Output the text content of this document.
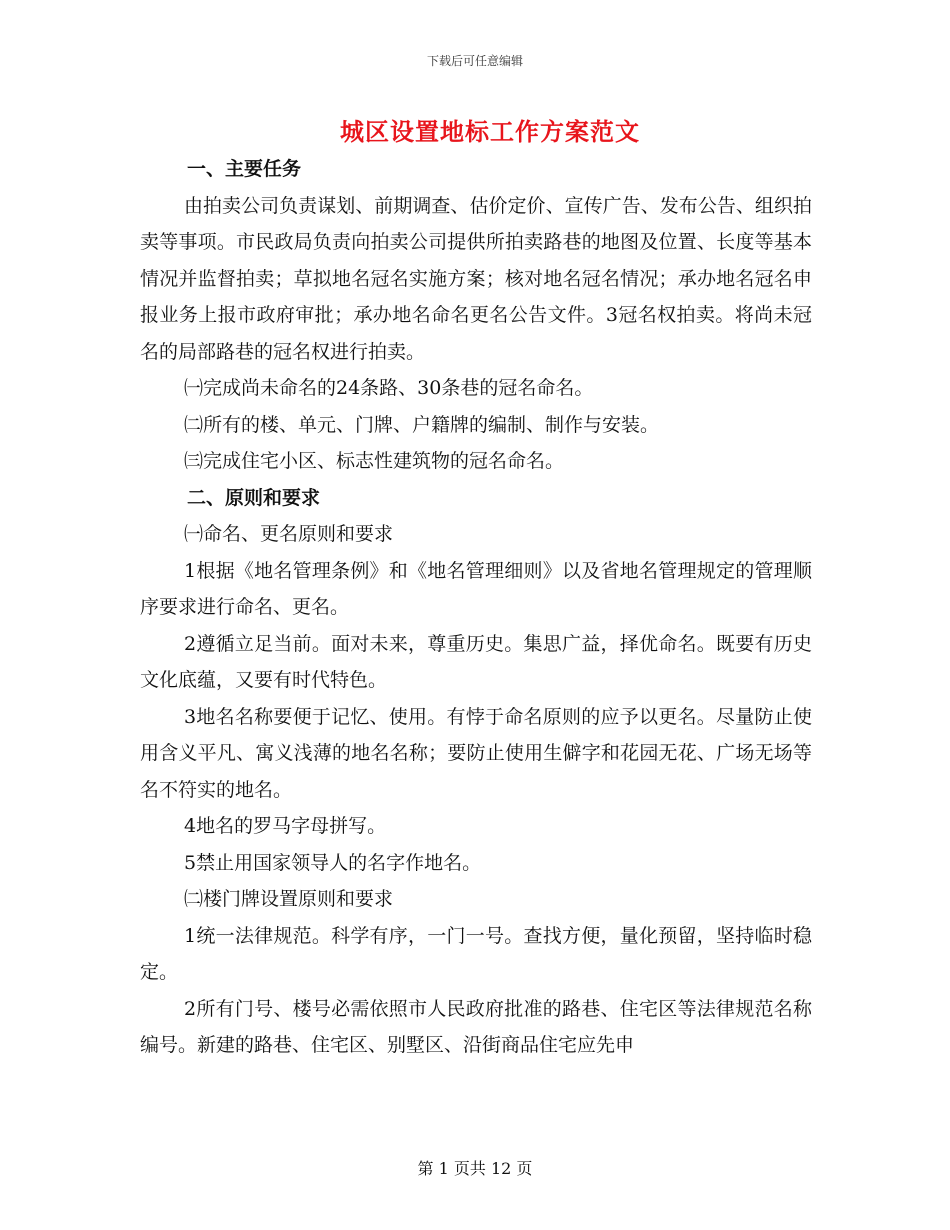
下载后可任意编辑
城区设置地标工作方案范文

一、主要任务

由拍卖公司负责谋划、前期调查、估价定价、宣传广告、发布公告、组织拍卖等事项。市民政局负责向拍卖公司提供所拍卖路巷的地图及位置、长度等基本情况并监督拍卖；草拟地名冠名实施方案；核对地名冠名情况；承办地名冠名申报业务上报市政府审批；承办地名命名更名公告文件。3冠名权拍卖。将尚未冠名的局部路巷的冠名权进行拍卖。

㈠完成尚未命名的24条路、30条巷的冠名命名。

㈡所有的楼、单元、门牌、户籍牌的编制、制作与安装。

㈢完成住宅小区、标志性建筑物的冠名命名。

二、原则和要求

㈠命名、更名原则和要求

1根据《地名管理条例》和《地名管理细则》以及省地名管理规定的管理顺序要求进行命名、更名。

2遵循立足当前。面对未来，尊重历史。集思广益，择优命名。既要有历史文化底蕴，又要有时代特色。

3地名名称要便于记忆、使用。有悖于命名原则的应予以更名。尽量防止使用含义平凡、寓义浅薄的地名名称；要防止使用生僻字和花园无花、广场无场等名不符实的地名。

4地名的罗马字母拼写。

5禁止用国家领导人的名字作地名。

㈡楼门牌设置原则和要求

1统一法律规范。科学有序，一门一号。查找方便，量化预留，坚持临时稳定。

2所有门号、楼号必需依照市人民政府批准的路巷、住宅区等法律规范名称编号。新建的路巷、住宅区、别墅区、沿街商品住宅应先申

第 1 页共 12 页
